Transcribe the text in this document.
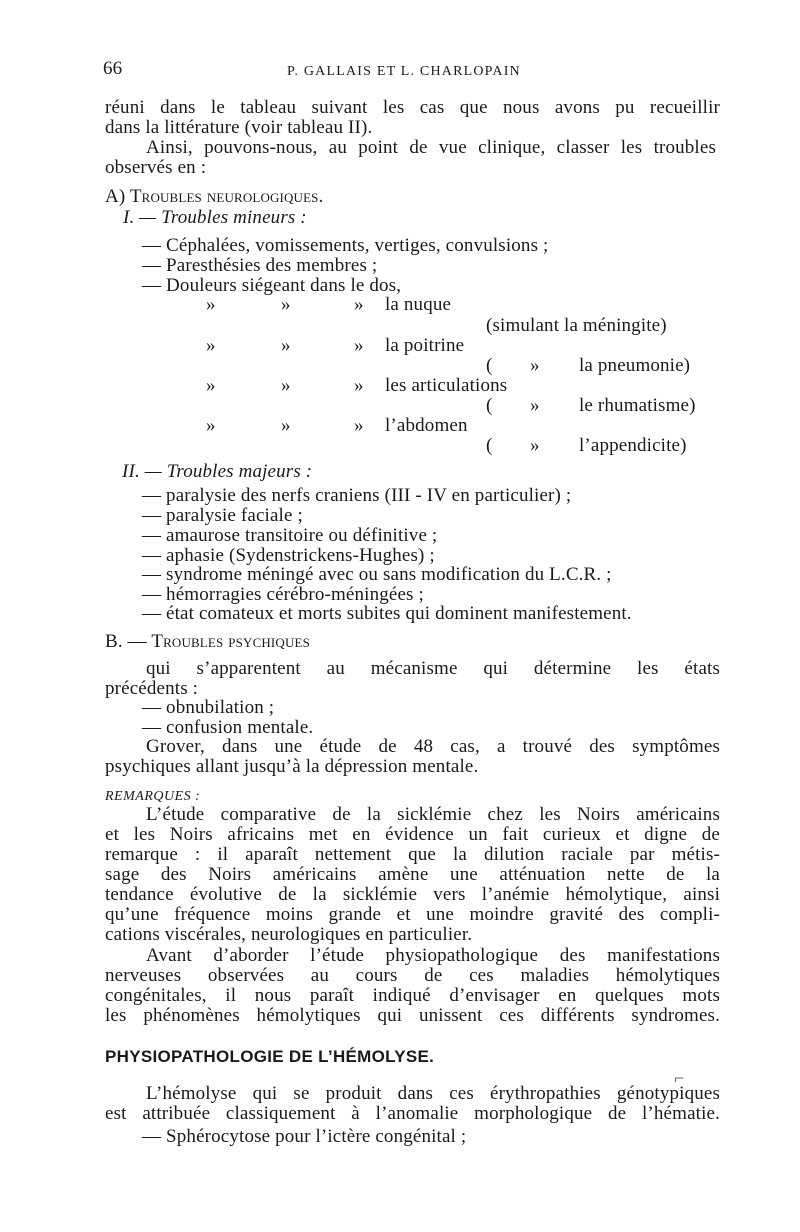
66	P. GALLAIS ET L. CHARLOPAIN
réuni dans le tableau suivant les cas que nous avons pu recueillir
dans la littérature (voir tableau II).
Ainsi, pouvons-nous, au point de vue clinique, classer les troubles
observés en :
A) Troubles neurologiques.
I. — Troubles mineurs :
— Céphalées, vomissements, vertiges, convulsions ;
— Paresthésies des membres ;
— Douleurs siégeant dans le dos,
»	»	» la nuque
(simulant la méningite)
»	»	» la poitrine
( » la pneumonie)
»	»	» les articulations
( » le rhumatisme)
»	»	» l’abdomen
( » l’appendicite)
II. — Troubles majeurs :
— paralysie des nerfs craniens (III - IV en particulier) ;
— paralysie faciale ;
— amaurose transitoire ou définitive ;
— aphasie (Sydenstrickens-Hughes) ;
— syndrome méningé avec ou sans modification du L.C.R. ;
— hémorragies cérébro-méningées ;
— état comateux et morts subites qui dominent manifestement.
B. — Troubles psychiques
qui s’apparentent au mécanisme qui détermine les états
précédents :
— obnubilation ;
— confusion mentale.
Grover, dans une étude de 48 cas, a trouvé des symptômes
psychiques allant jusqu’à la dépression mentale.
REMARQUES :
L’étude comparative de la sicklémie chez les Noirs américains
et les Noirs africains met en évidence un fait curieux et digne de
remarque : il aparaît nettement que la dilution raciale par métis-
sage des Noirs américains amène une atténuation nette de la
tendance évolutive de la sicklémie vers l’anémie hémolytique, ainsi
qu’une fréquence moins grande et une moindre gravité des compli-
cations viscérales, neurologiques en particulier.
Avant d’aborder l’étude physiopathologique des manifestations
nerveuses observées au cours de ces maladies hémolytiques
congénitales, il nous paraît indiqué d’envisager en quelques mots
les phénomènes hémolytiques qui unissent ces différents syndromes.
PHYSIOPATHOLOGIE DE L’HÉMOLYSE.
⌐
L’hémolyse qui se produit dans ces érythropathies génotypiques
est attribuée classiquement à l’anomalie morphologique de l’hématie.
— Sphérocytose pour l’ictère congénital ;
